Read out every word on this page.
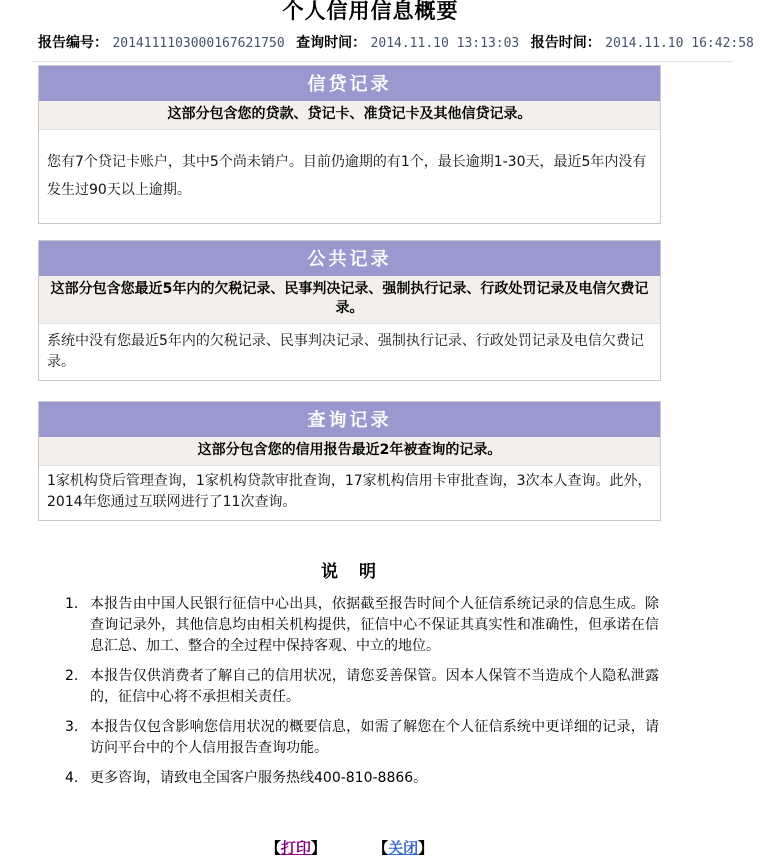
个人信用信息概要
报告编号： 2014111103000167621750 查询时间： 2014.11.10 13:13:03 报告时间： 2014.11.10 16:42:58
信贷记录
这部分包含您的贷款、贷记卡、准贷记卡及其他信贷记录。
您有7个贷记卡账户，其中5个尚未销户。目前仍逾期的有1个，最长逾期1-30天，最近5年内没有发生过90天以上逾期。
公共记录
这部分包含您最近5年内的欠税记录、民事判决记录、强制执行记录、行政处罚记录及电信欠费记录。
系统中没有您最近5年内的欠税记录、民事判决记录、强制执行记录、行政处罚记录及电信欠费记录。
查询记录
这部分包含您的信用报告最近2年被查询的记录。
1家机构贷后管理查询，1家机构贷款审批查询，17家机构信用卡审批查询，3次本人查询。此外，2014年您通过互联网进行了11次查询。
说　明
1. 本报告由中国人民银行征信中心出具，依据截至报告时间个人征信系统记录的信息生成。除查询记录外，其他信息均由相关机构提供，征信中心不保证其真实性和准确性，但承诺在信息汇总、加工、整合的全过程中保持客观、中立的地位。
2. 本报告仅供消费者了解自己的信用状况，请您妥善保管。因本人保管不当造成个人隐私泄露的，征信中心将不承担相关责任。
3. 本报告仅包含影响您信用状况的概要信息，如需了解您在个人征信系统中更详细的记录，请访问平台中的个人信用报告查询功能。
4. 更多咨询，请致电全国客户服务热线400-810-8866。
【打印】	【关闭】
